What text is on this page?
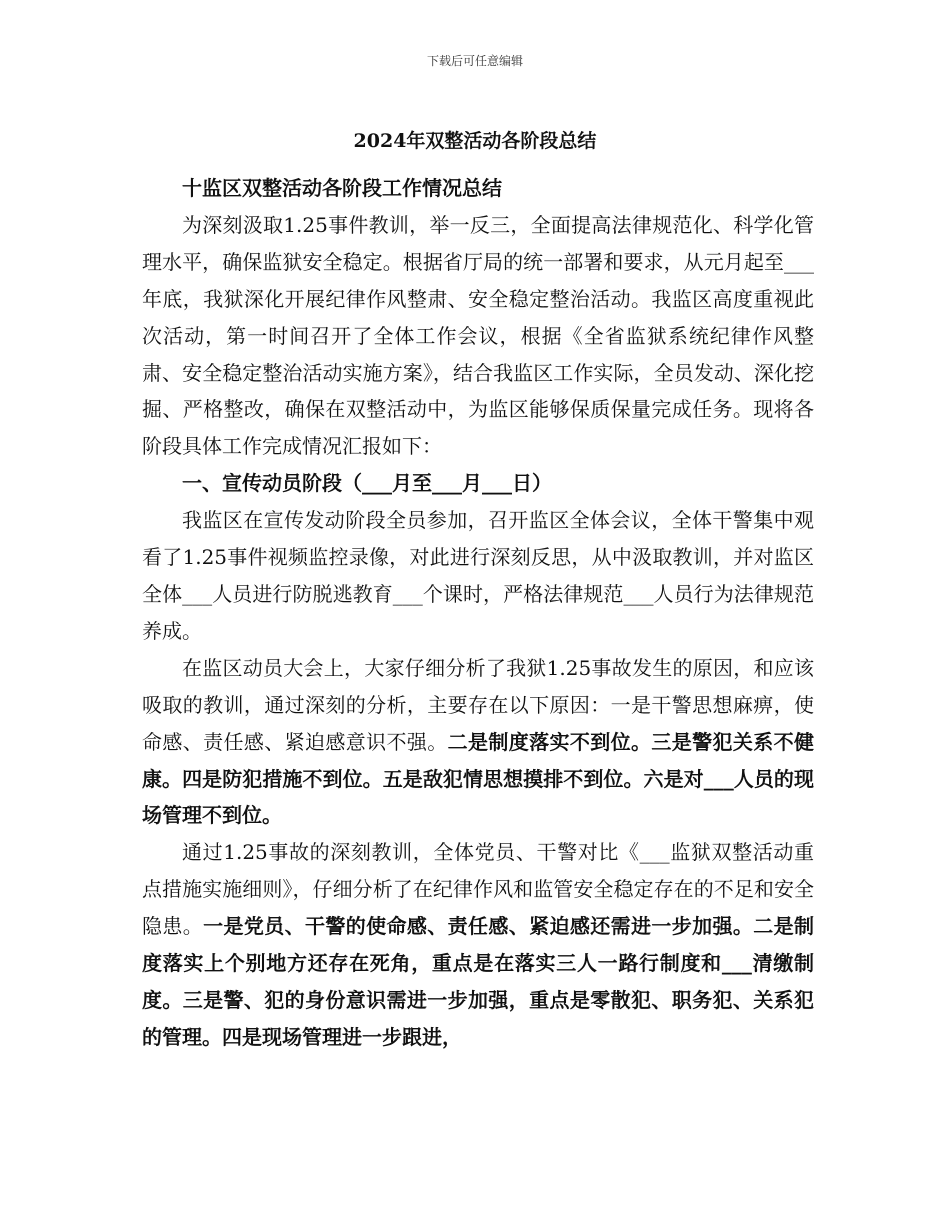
下载后可任意编辑
2024年双整活动各阶段总结

十监区双整活动各阶段工作情况总结

为深刻汲取1.25事件教训，举一反三，全面提高法律规范化、科学化管理水平，确保监狱安全稳定。根据省厅局的统一部署和要求，从元月起至___年底，我狱深化开展纪律作风整肃、安全稳定整治活动。我监区高度重视此次活动，第一时间召开了全体工作会议，根据《全省监狱系统纪律作风整肃、安全稳定整治活动实施方案》，结合我监区工作实际，全员发动、深化挖掘、严格整改，确保在双整活动中，为监区能够保质保量完成任务。现将各阶段具体工作完成情况汇报如下：

一、宣传动员阶段（___月至___月___日）

我监区在宣传发动阶段全员参加，召开监区全体会议，全体干警集中观看了1.25事件视频监控录像，对此进行深刻反思，从中汲取教训，并对监区全体___人员进行防脱逃教育___个课时，严格法律规范___人员行为法律规范养成。

在监区动员大会上，大家仔细分析了我狱1.25事故发生的原因，和应该吸取的教训，通过深刻的分析，主要存在以下原因：一是干警思想麻痹，使命感、责任感、紧迫感意识不强。二是制度落实不到位。三是警犯关系不健康。四是防犯措施不到位。五是敌犯情思想摸排不到位。六是对___人员的现场管理不到位。

通过1.25事故的深刻教训，全体党员、干警对比《___监狱双整活动重点措施实施细则》，仔细分析了在纪律作风和监管安全稳定存在的不足和安全隐患。一是党员、干警的使命感、责任感、紧迫感还需进一步加强。二是制度落实上个别地方还存在死角，重点是在落实三人一路行制度和___清缴制度。三是警、犯的身份意识需进一步加强，重点是零散犯、职务犯、关系犯的管理。四是现场管理进一步跟进，
